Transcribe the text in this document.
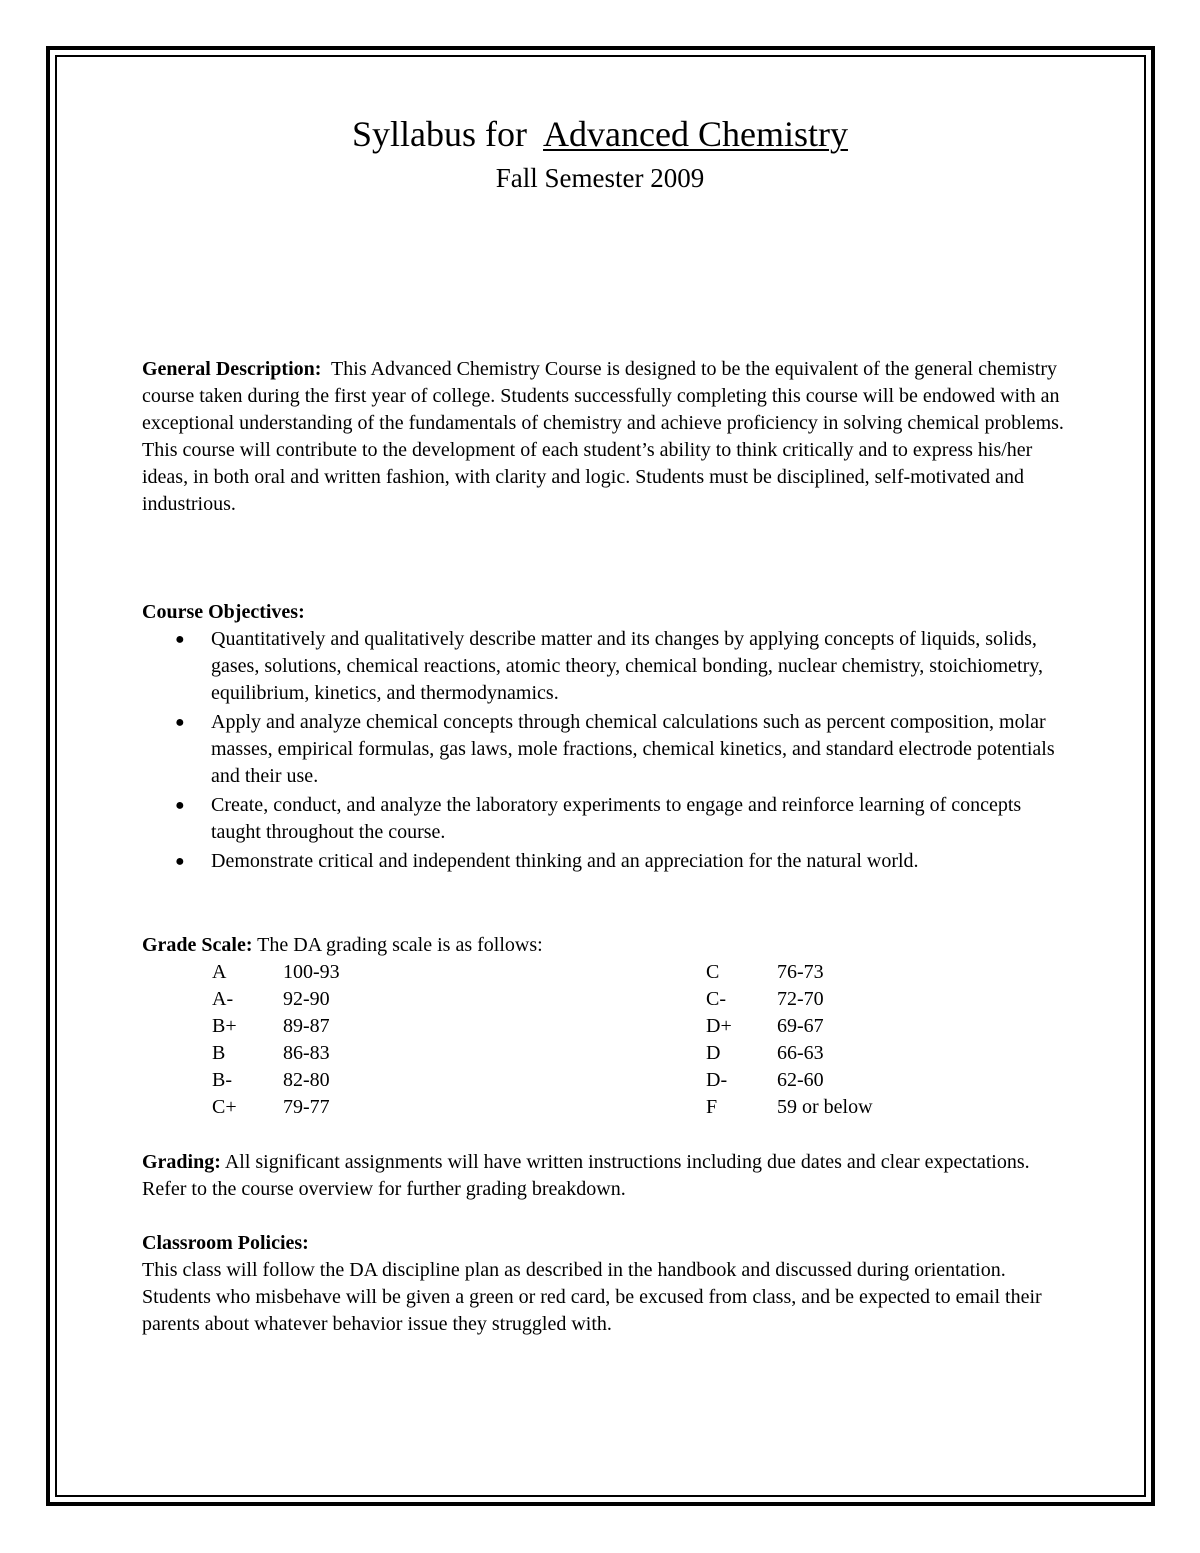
Syllabus for Advanced Chemistry
Fall Semester 2009

General Description: This Advanced Chemistry Course is designed to be the equivalent of the general chemistry course taken during the first year of college. Students successfully completing this course will be endowed with an exceptional understanding of the fundamentals of chemistry and achieve proficiency in solving chemical problems. This course will contribute to the development of each student’s ability to think critically and to express his/her ideas, in both oral and written fashion, with clarity and logic. Students must be disciplined, self-motivated and industrious.

Course Objectives:

● Quantitatively and qualitatively describe matter and its changes by applying concepts of liquids, solids, gases, solutions, chemical reactions, atomic theory, chemical bonding, nuclear chemistry, stoichiometry, equilibrium, kinetics, and thermodynamics.
● Apply and analyze chemical concepts through chemical calculations such as percent composition, molar masses, empirical formulas, gas laws, mole fractions, chemical kinetics, and standard electrode potentials and their use.
● Create, conduct, and analyze the laboratory experiments to engage and reinforce learning of concepts taught throughout the course.
● Demonstrate critical and independent thinking and an appreciation for the natural world.

Grade Scale: The DA grading scale is as follows:

A	100-93
A- 92-90
B+ 89-87
B	86-83
B-	82-80
C+ 79-77
C	76-73
C-	72-70
D+ 69-67
D	66-63
D- 62-60
F	59 or below

Grading: All significant assignments will have written instructions including due dates and clear expectations. Refer to the course overview for further grading breakdown.

Classroom Policies:

This class will follow the DA discipline plan as described in the handbook and discussed during orientation. Students who misbehave will be given a green or red card, be excused from class, and be expected to email their parents about whatever behavior issue they struggled with.
